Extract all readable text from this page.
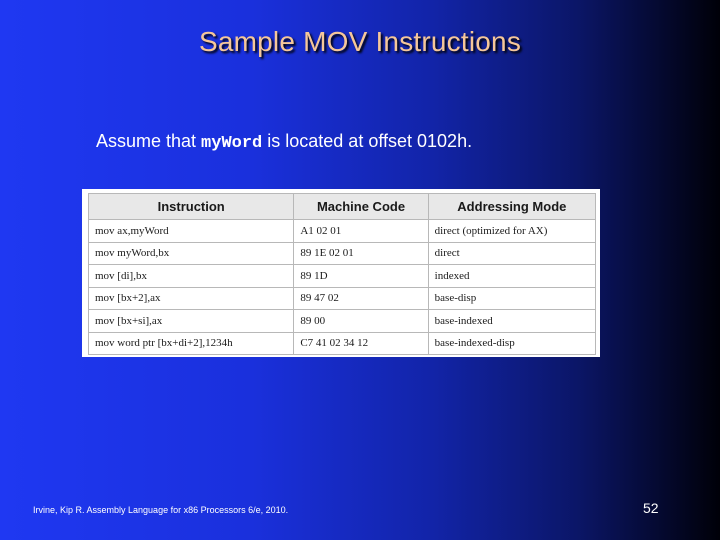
Sample MOV Instructions
Assume that myWord is located at offset 0102h.
Instruction	Machine Code	Addressing Mode
mov ax,myWord	A1 02 01	direct (optimized for AX)
mov myWord,bx	89 1E 02 01	direct
mov [di],bx	89 1D	indexed
mov [bx+2],ax	89 47 02	base-disp
mov [bx+si],ax	89 00	base-indexed
mov word ptr [bx+di+2],1234h	C7 41 02 34 12	base-indexed-disp
Irvine, Kip R. Assembly Language for x86 Processors 6/e, 2010.	52
